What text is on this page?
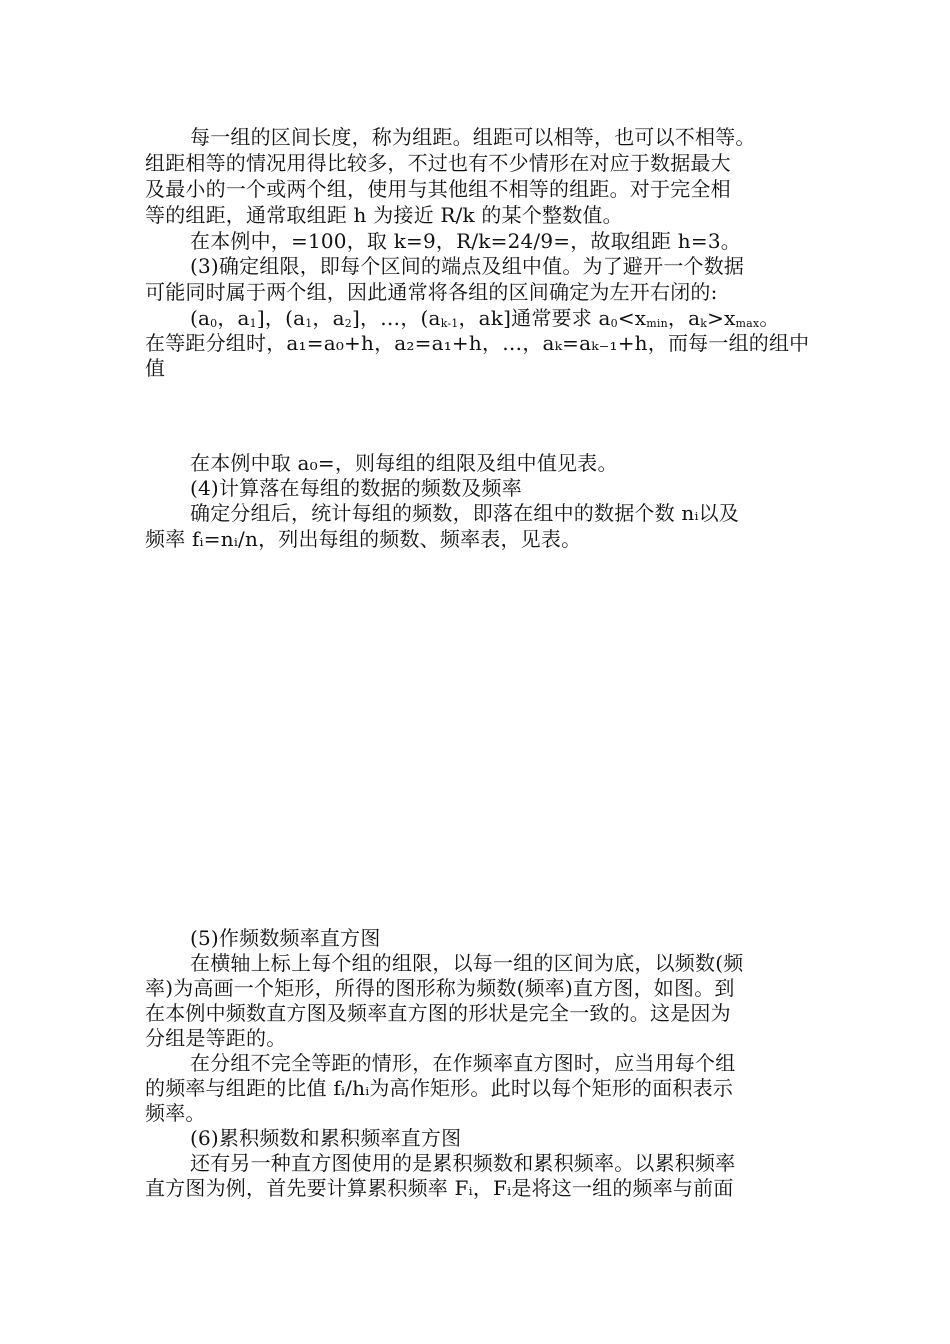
每一组的区间长度，称为组距。组距可以相等，也可以不相等。
组距相等的情况用得比较多，不过也有不少情形在对应于数据最大
及最小的一个或两个组，使用与其他组不相等的组距。对于完全相
等的组距，通常取组距 h 为接近 R/k 的某个整数值。
在本例中，=100，取 k=9，R/k=24/9=，故取组距 h=3。
(3)确定组限，即每个区间的端点及组中值。为了避开一个数据
可能同时属于两个组，因此通常将各组的区间确定为左开右闭的:
($a_0$，$a_1$]，($a_1$，$a_2$]，…，($a_{k-1}$，ak]通常要求 $a_0<x_{min}$，$a_k>x_{max}$。
在等距分组时，a₁=a₀+h，a₂=a₁+h，…，aₖ=aₖ₋₁+h，而每一组的组中
值
在本例中取 a₀=，则每组的组限及组中值见表。
(4)计算落在每组的数据的频数及频率
确定分组后，统计每组的频数，即落在组中的数据个数 nᵢ以及
频率 fᵢ=nᵢ/n，列出每组的频数、频率表，见表。
(5)作频数频率直方图
在横轴上标上每个组的组限，以每一组的区间为底，以频数(频
率)为高画一个矩形，所得的图形称为频数(频率)直方图，如图。到
在本例中频数直方图及频率直方图的形状是完全一致的。这是因为
分组是等距的。
在分组不完全等距的情形，在作频率直方图时，应当用每个组
的频率与组距的比值 fᵢ/hᵢ为高作矩形。此时以每个矩形的面积表示
频率。
(6)累积频数和累积频率直方图
还有另一种直方图使用的是累积频数和累积频率。以累积频率
直方图为例，首先要计算累积频率 Fᵢ，Fᵢ是将这一组的频率与前面
